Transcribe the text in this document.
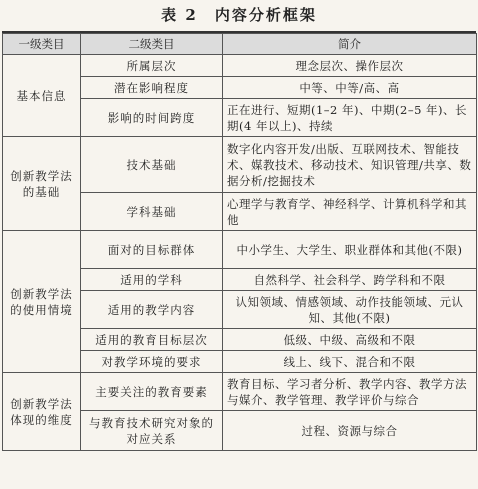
表 2　内容分析框架
一级类目	二级类目	简介
基本信息	所属层次	理念层次、操作层次
	潜在影响程度	中等、中等/高、高
	影响的时间跨度	正在进行、短期(1–2 年)、中期(2–5 年)、长期(4 年以上)、持续
创新教学法的基础	技术基础	数字化内容开发/出版、互联网技术、智能技术、媒教技术、移动技术、知识管理/共享、数据分析/挖掘技术
	学科基础	心理学与教育学、神经科学、计算机科学和其他
创新教学法的使用情境	面对的目标群体	中小学生、大学生、职业群体和其他(不限)
	适用的学科	自然科学、社会科学、跨学科和不限
	适用的教学内容	认知领域、情感领域、动作技能领域、元认知、其他(不限)
	适用的教育目标层次	低级、中级、高级和不限
	对教学环境的要求	线上、线下、混合和不限
创新教学法体现的维度	主要关注的教育要素	教育目标、学习者分析、教学内容、教学方法与媒介、教学管理、教学评价与综合
	与教育技术研究对象的对应关系	过程、资源与综合
